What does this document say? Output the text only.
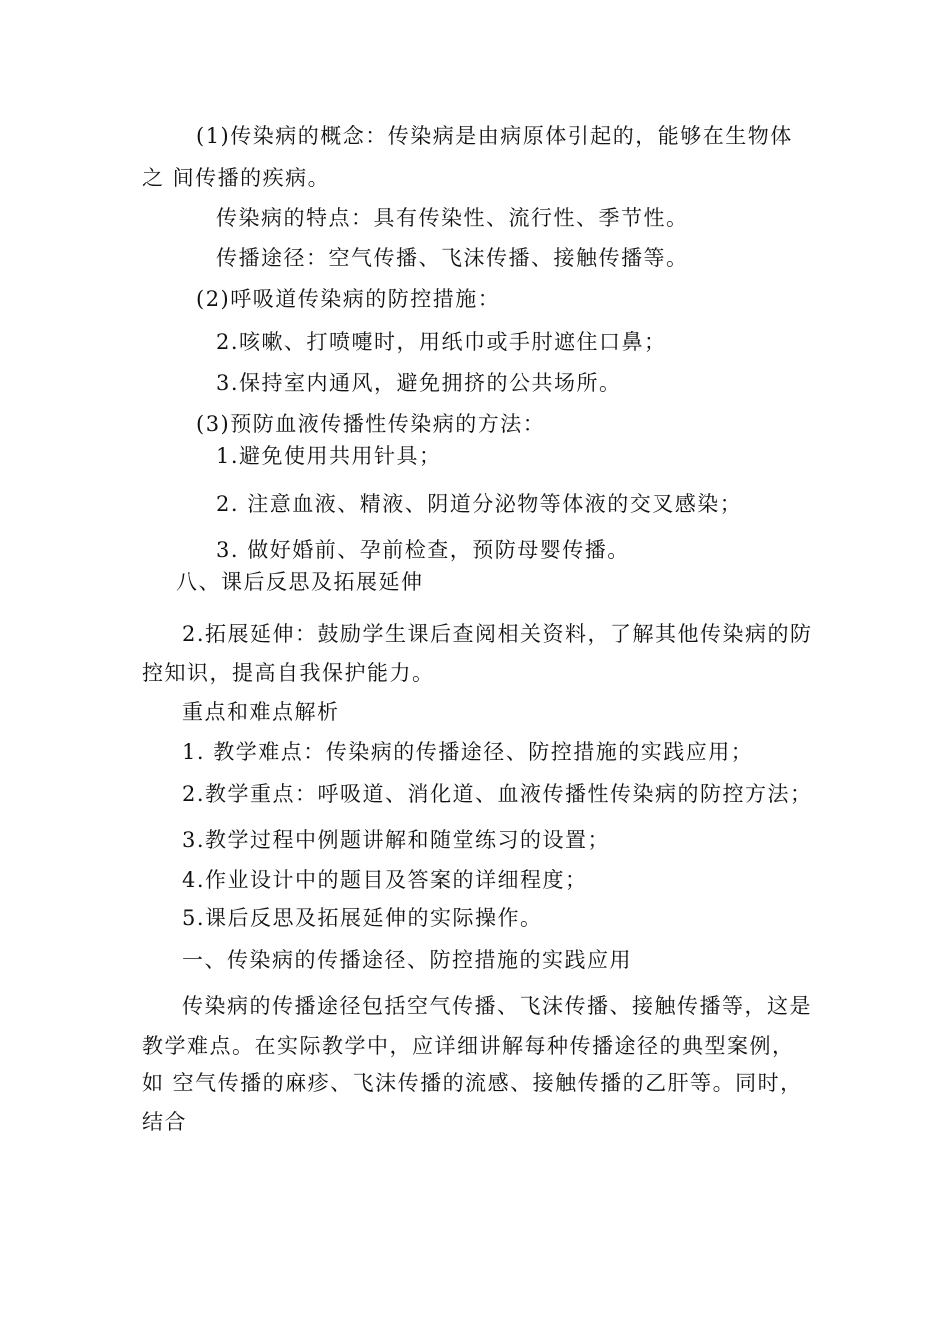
(1)传染病的概念：传染病是由病原体引起的，能够在生物体
之 间传播的疾病。
传染病的特点：具有传染性、流行性、季节性。
传播途径：空气传播、飞沫传播、接触传播等。
(2)呼吸道传染病的防控措施：
2.咳嗽、打喷嚏时，用纸巾或手肘遮住口鼻；
3.保持室内通风，避免拥挤的公共场所。
(3)预防血液传播性传染病的方法：
1.避免使用共用针具；
2. 注意血液、精液、阴道分泌物等体液的交叉感染；
3. 做好婚前、孕前检查，预防母婴传播。
八、课后反思及拓展延伸
2.拓展延伸：鼓励学生课后查阅相关资料，了解其他传染病的防
控知识，提高自我保护能力。
重点和难点解析
1. 教学难点：传染病的传播途径、防控措施的实践应用；
2.教学重点：呼吸道、消化道、血液传播性传染病的防控方法；
3.教学过程中例题讲解和随堂练习的设置；
4.作业设计中的题目及答案的详细程度；
5.课后反思及拓展延伸的实际操作。
一、传染病的传播途径、防控措施的实践应用
传染病的传播途径包括空气传播、飞沫传播、接触传播等，这是
教学难点。在实际教学中，应详细讲解每种传播途径的典型案例，
如 空气传播的麻疹、飞沫传播的流感、接触传播的乙肝等。同时，
结合
